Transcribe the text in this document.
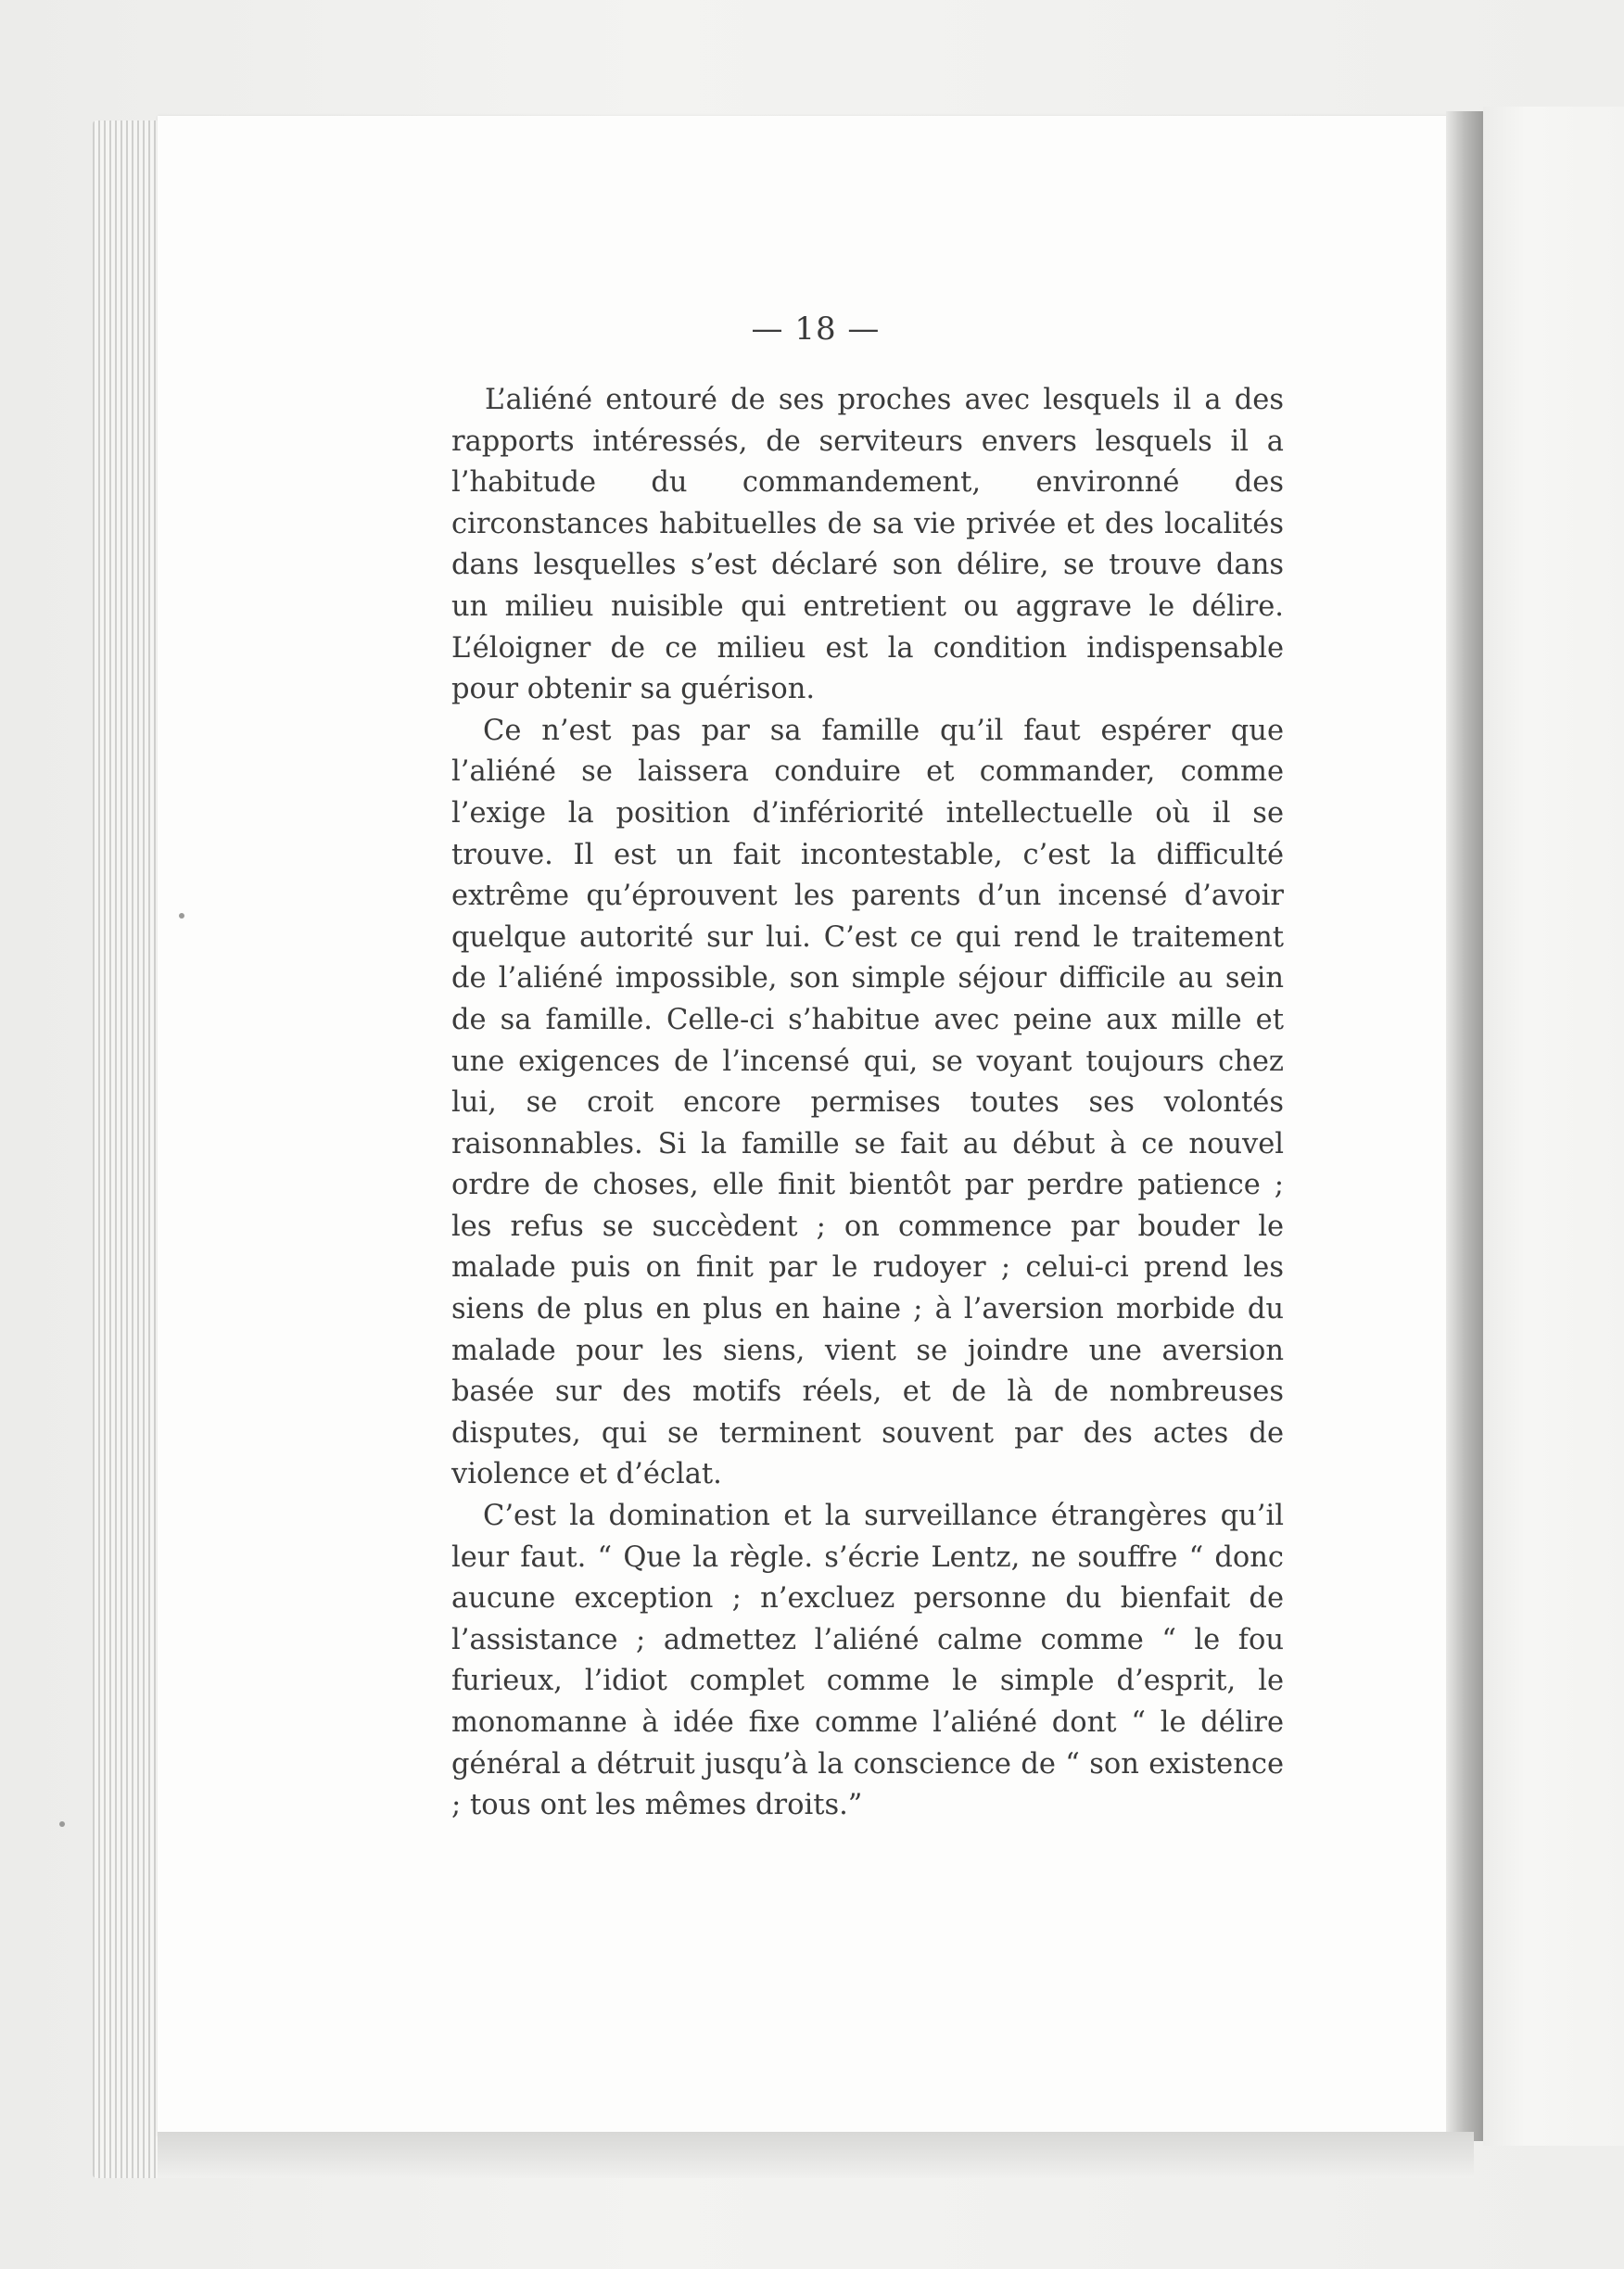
— 18 —

L’aliéné entouré de ses proches avec lesquels il a des rapports intéressés, de serviteurs envers lesquels il a l’habitude du commandement, environné des circonstances habituelles de sa vie privée et des localités dans lesquelles s’est déclaré son délire, se trouve dans un milieu nuisible qui entretient ou aggrave le délire. L’éloigner de ce milieu est la condition indispensable pour obtenir sa guérison.

Ce n’est pas par sa famille qu’il faut espérer que l’aliéné se laissera conduire et commander, comme l’exige la position d’infériorité intellectuelle où il se trouve. Il est un fait incontestable, c’est la difficulté extrême qu’éprouvent les parents d’un incensé d’avoir quelque autorité sur lui. C’est ce qui rend le traitement de l’aliéné impossible, son simple séjour difficile au sein de sa famille. Celle-ci s’habitue avec peine aux mille et une exigences de l’incensé qui, se voyant toujours chez lui, se croit encore permises toutes ses volontés raisonnables. Si la famille se fait au début à ce nouvel ordre de choses, elle finit bientôt par perdre patience ; les refus se succèdent ; on commence par bouder le malade puis on finit par le rudoyer ; celui-ci prend les siens de plus en plus en haine ; à l’aversion morbide du malade pour les siens, vient se joindre une aversion basée sur des motifs réels, et de là de nombreuses disputes, qui se terminent souvent par des actes de violence et d’éclat.

C’est la domination et la surveillance étrangères qu’il leur faut. “ Que la règle. s’écrie Lentz, ne souffre “ donc aucune exception ; n’excluez personne du bienfait de l’assistance ; admettez l’aliéné calme comme “ le fou furieux, l’idiot complet comme le simple d’esprit, le monomanne à idée fixe comme l’aliéné dont “ le délire général a détruit jusqu’à la conscience de “ son existence ; tous ont les mêmes droits.”
